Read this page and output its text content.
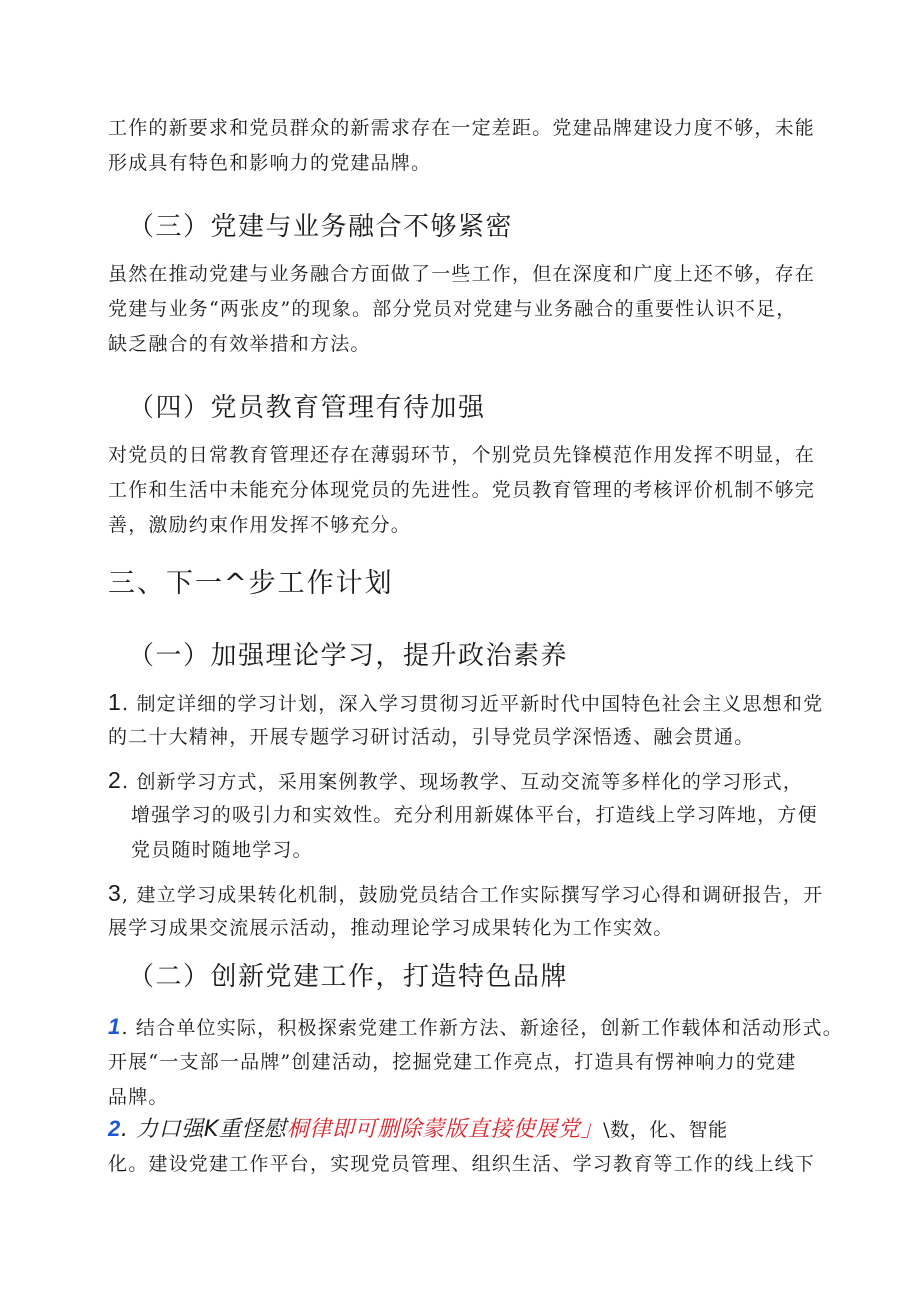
工作的新要求和党员群众的新需求存在一定差距。党建品牌建设力度不够，未能
形成具有特色和影响力的党建品牌。
（三）党建与业务融合不够紧密
虽然在推动党建与业务融合方面做了一些工作，但在深度和广度上还不够，存在
党建与业务“两张皮”的现象。部分党员对党建与业务融合的重要性认识不足，
缺乏融合的有效举措和方法。
（四）党员教育管理有待加强
对党员的日常教育管理还存在薄弱环节，个别党员先锋模范作用发挥不明显，在
工作和生活中未能充分体现党员的先进性。党员教育管理的考核评价机制不够完
善，激励约束作用发挥不够充分。
三、下一^步工作计划
（一）加强理论学习，提升政治素养
1. 制定详细的学习计划，深入学习贯彻习近平新时代中国特色社会主义思想和党
的二十大精神，开展专题学习研讨活动，引导党员学深悟透、融会贯通。
2. 创新学习方式，采用案例教学、现场教学、互动交流等多样化的学习形式，
增强学习的吸引力和实效性。充分利用新媒体平台，打造线上学习阵地，方便
党员随时随地学习。
3, 建立学习成果转化机制，鼓励党员结合工作实际撰写学习心得和调研报告，开
展学习成果交流展示活动，推动理论学习成果转化为工作实效。
（二）创新党建工作，打造特色品牌
1. 结合单位实际，积极探索党建工作新方法、新途径，创新工作载体和活动形式。
开展“一支部一品牌”创建活动，挖掘党建工作亮点，打造具有愣神响力的党建
品牌。
2. 力口强K重怪慰桐律即可删除蒙版直接使展党」\数，化、智能
化。建设党建工作平台，实现党员管理、组织生活、学习教育等工作的线上线下
